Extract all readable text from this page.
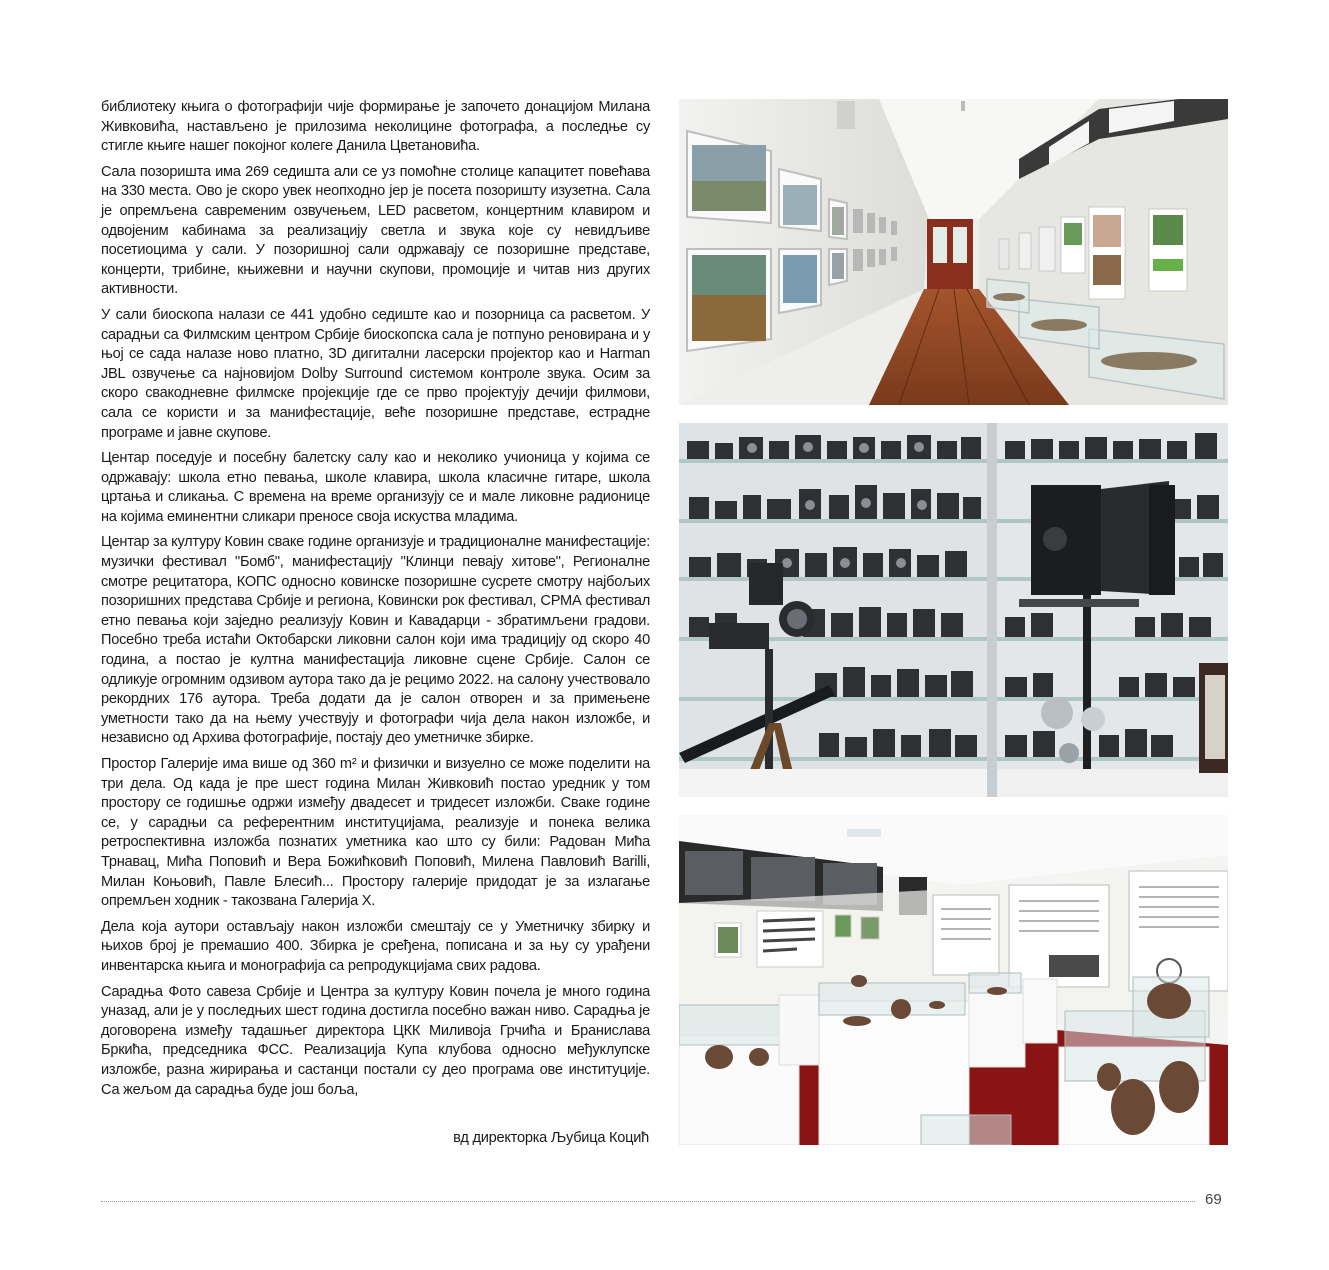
библиотеку књига о фотографији чије формирање је започето донацијом Милана Живковића, настављено је прилозима неколицине фотографа, а последње су стигле књиге нашег покојног колеге Данила Цветановића.

Сала позоришта има 269 седишта али се уз помоћне столице капацитет повећава на 330 места. Ово је скоро увек неопходно јер је посета позоришту изузетна. Сала је опремљена савременим озвучењем, LED расветом, концертним клавиром и одвојеним кабинама за реализацију светла и звука које су невидљиве посетиоцима у сали. У позоришној сали одржавају се позоришне представе, концерти, трибине, књижевни и научни скупови, промоције и читав низ других активности.

У сали биоскопа налази се 441 удобно седиште као и позорница са расветом. У сарадњи са Филмским центром Србије биоскопска сала је потпуно реновирана и у њој се сада налазе ново платно, 3D дигитални ласерски пројектор као и Harman JBL озвучење са најновијом Dolby Surround системом контроле звука. Осим за скоро свакодневне филмске пројекције где се прво пројектују дечији филмови, сала се користи и за манифестације, веће позоришне представе, естрадне програме и јавне скупове.

Центар поседује и посебну балетску салу као и неколико учионица у којима се одржавају: школа етно певања, школе клавира, школа класичне гитаре, школа цртања и сликања. С времена на време организују се и мале ликовне радионице на којима еминентни сликари преносе своја искуства младима.

Центар за културу Ковин сваке године организује и традиционалне манифестације: музички фестивал "Бомб", манифестацију "Клинци певају хитове", Регионалне смотре рецитатора, КОПС односно ковинске позоришне сусрете смотру најбољих позоришних представа Србије и региона, Ковински рок фестивал, СРМА фестивал етно певања који заједно реализују Ковин и Кавадарци - збратимљени градови. Посебно треба истаћи Октобарски ликовни салон који има традицију од скоро 40 година, а постао је култна манифестација ликовне сцене Србије. Салон се одликује огромним одзивом аутора тако да је рецимо 2022. на салону учествовало рекордних 176 аутора. Треба додати да је салон отворен и за примењене уметности тако да на њему учествују и фотографи чија дела након изложбе, и независно од Архива фотографије, постају део уметничке збирке.

Простор Галерије има више од 360 m² и физички и визуелно се може поделити на три дела. Од када је пре шест година Милан Живковић постао уредник у том простору се годишње одржи између двадесет и тридесет изложби. Сваке године се, у сарадњи са референтним институцијама, реализује и понека велика ретроспективна изложба познатих уметника као што су били: Радован Мића Трнавац, Мића Поповић и Вера Божићковић Поповић, Милена Павловић Barilli, Милан Коњовић, Павле Блесић... Простору галерије придодат је за излагање опремљен ходник - такозвана Галерија X.

Дела која аутори остављају након изложби смештају се у Уметничку збирку и њихов број је премашио 400. Збирка је сређена, пописана и за њу су урађени инвентарска књига и монографија са репродукцијама свих радова.

Сарадња Фото савеза Србије и Центра за културу Ковин почела је много година уназад, али је у последњих шест година достигла посебно важан ниво. Сарадња је договорена између тадашњег директора ЦКК Миливоја Грчића и Бранислава Бркића, председника ФСС. Реализација Купа клубова односно међуклупске изложбе, разна жирирања и састанци постали су део програма ове институције. Са жељом да сарадња буде још боља,

вд директорка Љубица Коцић
69
